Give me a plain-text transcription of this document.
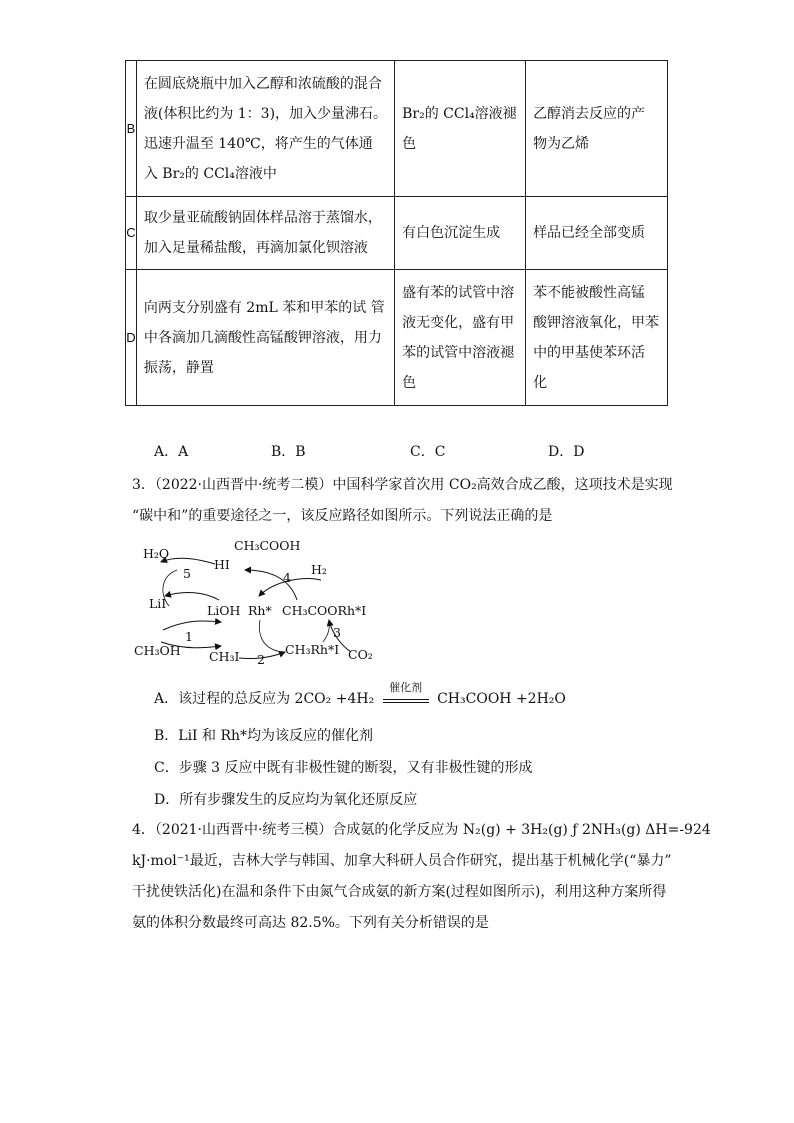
B	在圆底烧瓶中加入乙醇和浓硫酸的混合
液(体积比约为 1：3)，加入少量沸石。
迅速升温至 140℃，将产生的气体通
入 Br₂的 CCl₄溶液中	Br₂的 CCl₄溶液褪
色	乙醇消去反应的产
物为乙烯

C	取少量亚硫酸钠固体样品溶于蒸馏水，
加入足量稀盐酸，再滴加氯化钡溶液	有白色沉淀生成	样品已经全部变质

D	向两支分别盛有 2mL 苯和甲苯的试 管
中各滴加几滴酸性高锰酸钾溶液，用力
振荡，静置	盛有苯的试管中溶
液无变化，盛有甲
苯的试管中溶液褪
色	苯不能被酸性高锰
酸钾溶液氧化，甲苯
中的甲基使苯环活
化
A．A	B．B	C．C	D．D
3．（2022·山西晋中·统考二模）中国科学家首次用 CO₂高效合成乙酸，这项技术是实现
“碳中和”的重要途径之一，该反应路径如图所示。下列说法正确的是
H₂O
HI
CH₃COOH
H₂
LiI	LiOH Rh* CH₃COORh*I
CH₃OH CH₃I	CH₃Rh*I CO₂
1
2
3
4
5
A．该过程的总反应为 2CO₂ +4H₂
催化剂
CH₃COOH +2H₂O
B．LiI 和 Rh*均为该反应的催化剂
C．步骤 3 反应中既有非极性键的断裂，又有非极性键的形成
D．所有步骤发生的反应均为氧化还原反应
4．（2021·山西晋中·统考三模）合成氨的化学反应为 N₂(g) + 3H₂(g) ƒ 2NH₃(g) ΔH=-924
kJ·mol⁻¹最近，吉林大学与韩国、加拿大科研人员合作研究，提出基于机械化学(“暴力”
干扰使铁活化)在温和条件下由氮气合成氨的新方案(过程如图所示)，利用这种方案所得
氨的体积分数最终可高达 82.5%。下列有关分析错误的是
